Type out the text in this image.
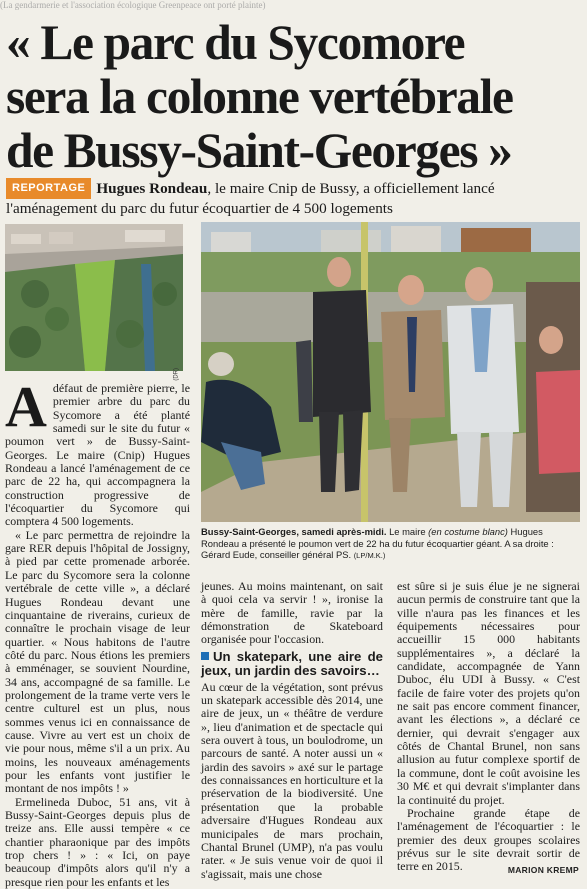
(La gendarmerie et l'association écologique Greenpeace ont porté plainte)
« Le parc du Sycomore
sera la colonne vertébrale
de Bussy-Saint-Georges »
REPORTAGE Hugues Rondeau, le maire Cnip de Bussy, a officiellement lancé
l'aménagement du parc du futur écoquartier de 4 500 logements
(DR)
Bussy-Saint-Georges, samedi après-midi. Le maire (en costume blanc) Hugues Rondeau a présenté le poumon vert de 22 ha du futur écoquartier géant. A sa droite : Gérard Eude, conseiller général PS. (LP/M.K.)

Adéfaut de première pierre, le premier arbre du parc du Sycomore a été planté samedi sur le site du futur « poumon vert » de Bussy-Saint-Georges. Le maire (Cnip) Hugues Rondeau a lancé l'aménagement de ce parc de 22 ha, qui accompagnera la construction progressive de l'écoquartier du Sycomore qui comptera 4 500 logements.

« Le parc permettra de rejoindre la gare RER depuis l'hôpital de Jossigny, à pied par cette promenade arborée. Le parc du Sycomore sera la colonne vertébrale de cette ville », a déclaré Hugues Rondeau devant une cinquantaine de riverains, curieux de connaître le prochain visage de leur quartier. « Nous habitons de l'autre côté du parc. Nous étions les premiers à emménager, se souvient Nourdine, 34 ans, accompagné de sa famille. Le prolongement de la trame verte vers le centre culturel est un plus, nous sommes venus ici en connaissance de cause. Vivre au vert est un choix de vie pour nous, même s'il a un prix. Au moins, les nouveaux aménagements pour les enfants vont justifier le montant de nos impôts ! »

Ermelineda Duboc, 51 ans, vit à Bussy-Saint-Georges depuis plus de treize ans. Elle aussi tempère « ce chantier pharaonique par des impôts trop chers ! » : « Ici, on paye beaucoup d'impôts alors qu'il n'y a presque rien pour les enfants et les

jeunes. Au moins maintenant, on sait à quoi cela va servir ! », ironise la mère de famille, ravie par la démonstration de Skateboard organisée pour l'occasion.

Un skatepark, une aire de jeux, un jardin des savoirs…

Au cœur de la végétation, sont prévus un skatepark accessible dès 2014, une aire de jeux, un « théâtre de verdure », lieu d'animation et de spectacle qui sera ouvert à tous, un boulodrome, un parcours de santé. A noter aussi un « jardin des savoirs » axé sur le partage des connaissances en horticulture et la préservation de la biodiversité. Une présentation que la probable adversaire d'Hugues Rondeau aux municipales de mars prochain, Chantal Brunel (UMP), n'a pas voulu rater. « Je suis venue voir de quoi il s'agissait, mais une chose

est sûre si je suis élue je ne signerai aucun permis de construire tant que la ville n'aura pas les finances et les équipements nécessaires pour accueillir 15 000 habitants supplémentaires », a déclaré la candidate, accompagnée de Yann Duboc, élu UDI à Bussy. « C'est facile de faire voter des projets qu'on ne sait pas encore comment financer, avant les élections », a déclaré ce dernier, qui devrait s'engager aux côtés de Chantal Brunel, non sans allusion au futur complexe sportif de la commune, dont le coût avoisine les 30 M€ et qui devrait s'implanter dans la continuité du projet.

Prochaine grande étape de l'aménagement de l'écoquartier : le premier des deux groupes scolaires prévus sur le site devrait sortir de terre en 2015.	MARION KREMP
